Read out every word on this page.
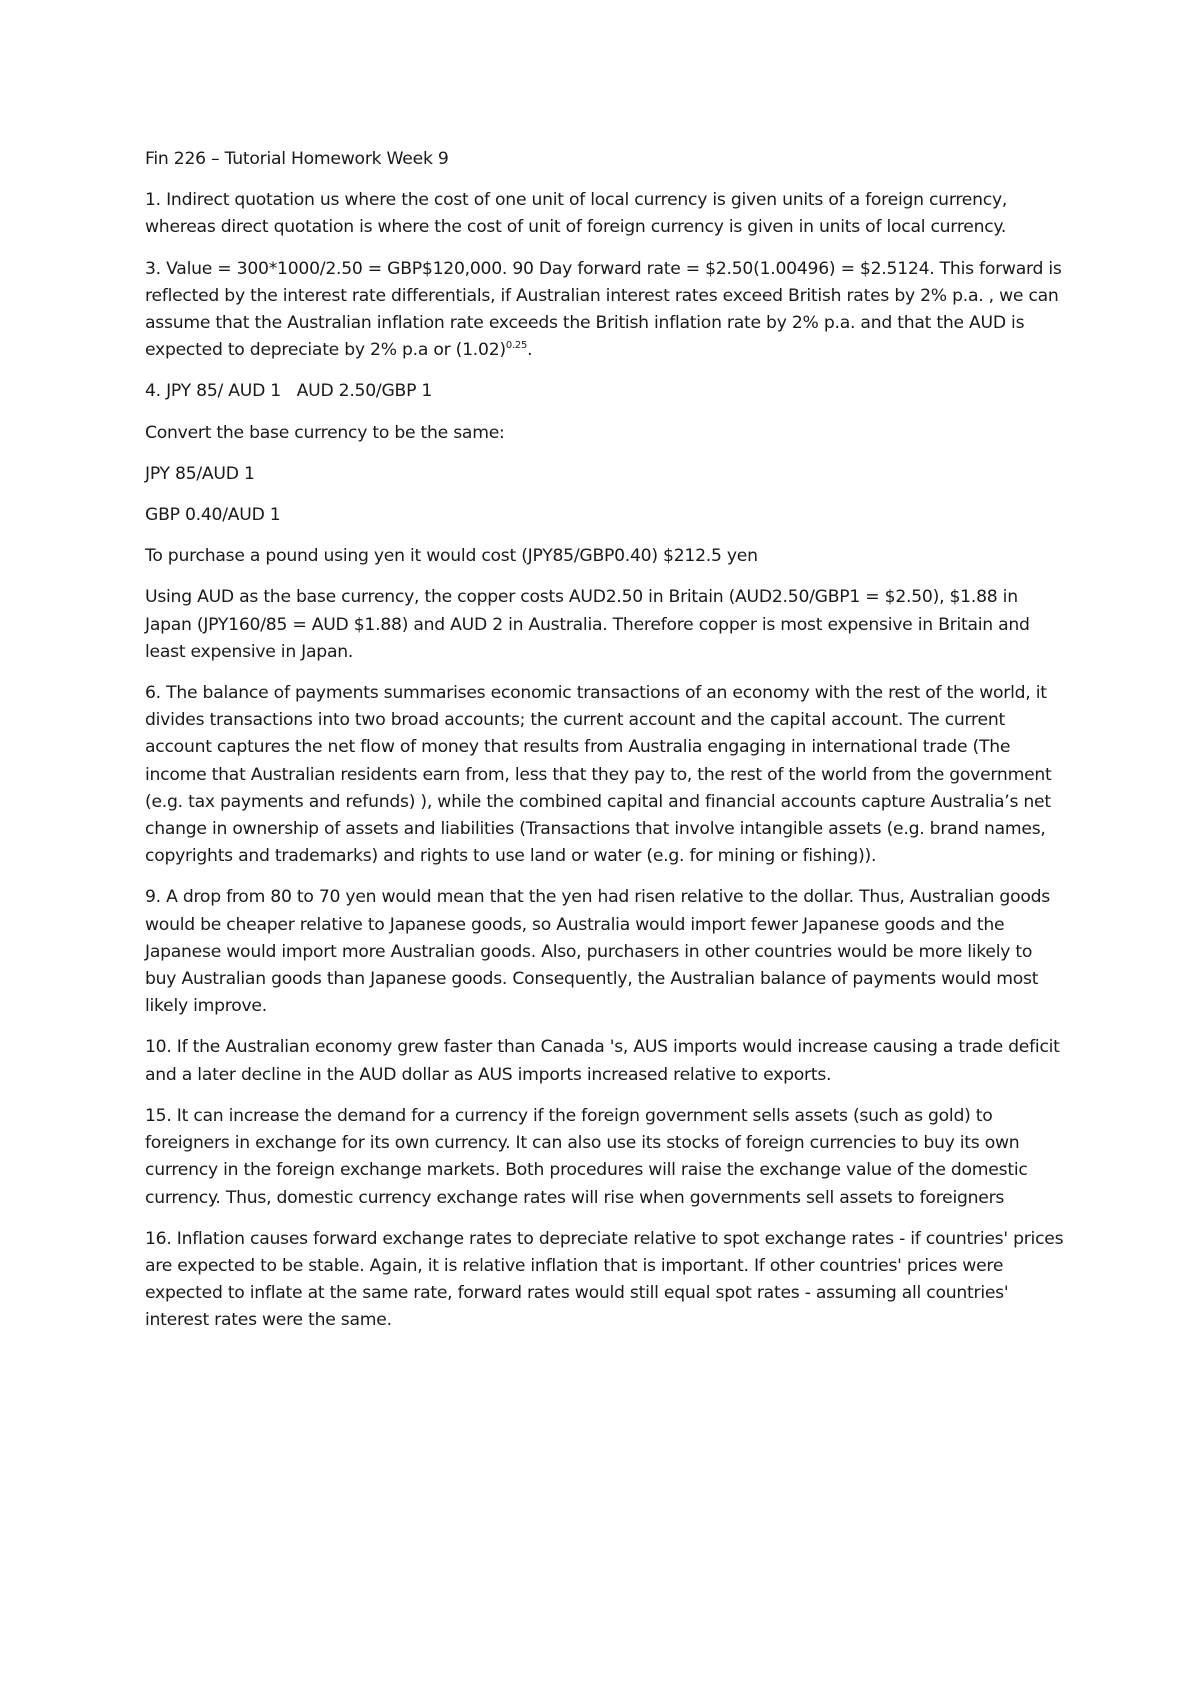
Fin 226 – Tutorial Homework Week 9

1. Indirect quotation us where the cost of one unit of local currency is given units of a foreign currency, whereas direct quotation is where the cost of unit of foreign currency is given in units of local currency.

3. Value = 300*1000/2.50 = GBP$120,000. 90 Day forward rate = $2.50(1.00496) = $2.5124. This forward is reflected by the interest rate differentials, if Australian interest rates exceed British rates by 2% p.a. , we can assume that the Australian inflation rate exceeds the British inflation rate by 2% p.a. and that the AUD is expected to depreciate by 2% p.a or $(1.02)^{0.25}$.

4. JPY 85/ AUD 1   AUD 2.50/GBP 1

Convert the base currency to be the same:

JPY 85/AUD 1

GBP 0.40/AUD 1

To purchase a pound using yen it would cost (JPY85/GBP0.40) $212.5 yen

Using AUD as the base currency, the copper costs AUD2.50 in Britain (AUD2.50/GBP1 = $2.50), $1.88 in Japan (JPY160/85 = AUD $1.88) and AUD 2 in Australia. Therefore copper is most expensive in Britain and least expensive in Japan.

6. The balance of payments summarises economic transactions of an economy with the rest of the world, it divides transactions into two broad accounts; the current account and the capital account. The current account captures the net flow of money that results from Australia engaging in international trade (The income that Australian residents earn from, less that they pay to, the rest of the world from the government (e.g. tax payments and refunds) ), while the combined capital and financial accounts capture Australia’s net change in ownership of assets and liabilities (Transactions that involve intangible assets (e.g. brand names, copyrights and trademarks) and rights to use land or water (e.g. for mining or fishing)).

9. A drop from 80 to 70 yen would mean that the yen had risen relative to the dollar. Thus, Australian goods would be cheaper relative to Japanese goods, so Australia would import fewer Japanese goods and the Japanese would import more Australian goods. Also, purchasers in other countries would be more likely to buy Australian goods than Japanese goods. Consequently, the Australian balance of payments would most likely improve.

10. If the Australian economy grew faster than Canada 's, AUS imports would increase causing a trade deficit and a later decline in the AUD dollar as AUS imports increased relative to exports.

15. It can increase the demand for a currency if the foreign government sells assets (such as gold) to foreigners in exchange for its own currency. It can also use its stocks of foreign currencies to buy its own currency in the foreign exchange markets. Both procedures will raise the exchange value of the domestic currency. Thus, domestic currency exchange rates will rise when governments sell assets to foreigners

16. Inflation causes forward exchange rates to depreciate relative to spot exchange rates - if countries' prices are expected to be stable. Again, it is relative inflation that is important. If other countries' prices were expected to inflate at the same rate, forward rates would still equal spot rates - assuming all countries' interest rates were the same.
